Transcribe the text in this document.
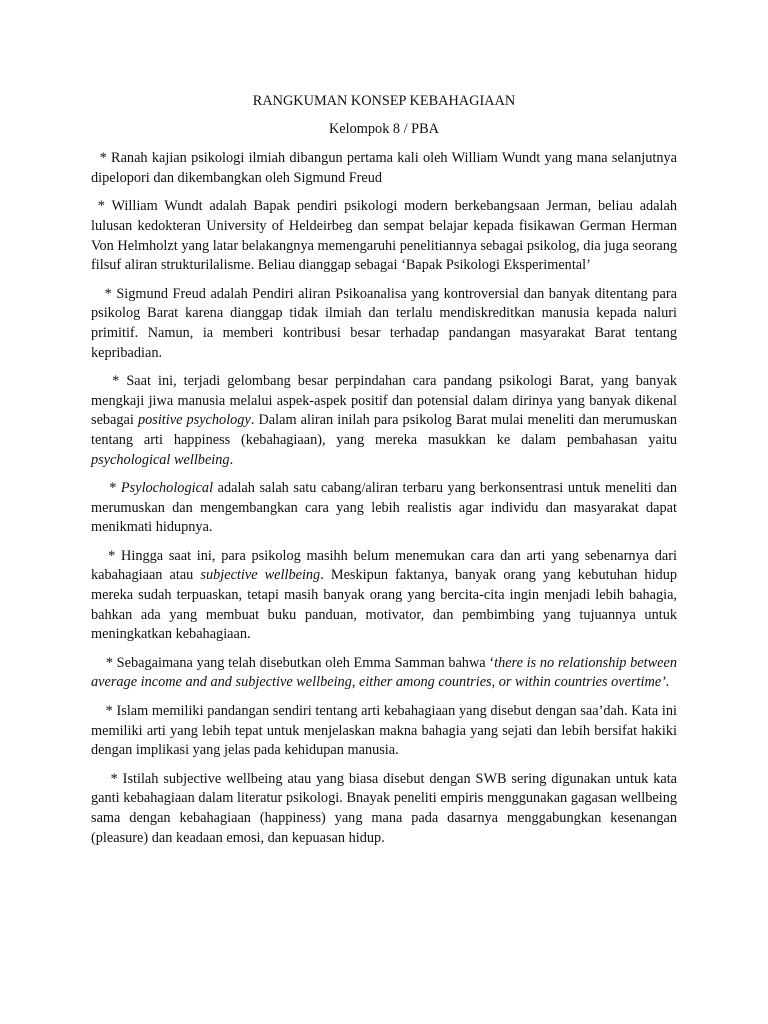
RANGKUMAN KONSEP KEBAHAGIAAN

Kelompok 8 / PBA

* Ranah kajian psikologi ilmiah dibangun pertama kali oleh William Wundt yang mana selanjutnya dipelopori dan dikembangkan oleh Sigmund Freud

* William Wundt adalah Bapak pendiri psikologi modern berkebangsaan Jerman, beliau adalah lulusan kedokteran University of Heldeirbeg dan sempat belajar kepada fisikawan German Herman Von Helmholzt yang latar belakangnya memengaruhi penelitiannya sebagai psikolog, dia juga seorang filsuf aliran strukturilalisme. Beliau dianggap sebagai ‘Bapak Psikologi Eksperimental’

* Sigmund Freud adalah Pendiri aliran Psikoanalisa yang kontroversial dan banyak ditentang para psikolog Barat karena dianggap tidak ilmiah dan terlalu mendiskreditkan manusia kepada naluri primitif. Namun, ia memberi kontribusi besar terhadap pandangan masyarakat Barat tentang kepribadian.

* Saat ini, terjadi gelombang besar perpindahan cara pandang psikologi Barat, yang banyak mengkaji jiwa manusia melalui aspek-aspek positif dan potensial dalam dirinya yang banyak dikenal sebagai positive psychology. Dalam aliran inilah para psikolog Barat mulai meneliti dan merumuskan tentang arti happiness (kebahagiaan), yang mereka masukkan ke dalam pembahasan yaitu psychological wellbeing.

* Psylochological adalah salah satu cabang/aliran terbaru yang berkonsentrasi untuk meneliti dan merumuskan dan mengembangkan cara yang lebih realistis agar individu dan masyarakat dapat menikmati hidupnya.

* Hingga saat ini, para psikolog masihh belum menemukan cara dan arti yang sebenarnya dari kabahagiaan atau subjective wellbeing. Meskipun faktanya, banyak orang yang kebutuhan hidup mereka sudah terpuaskan, tetapi masih banyak orang yang bercita-cita ingin menjadi lebih bahagia, bahkan ada yang membuat buku panduan, motivator, dan pembimbing yang tujuannya untuk meningkatkan kebahagiaan.

* Sebagaimana yang telah disebutkan oleh Emma Samman bahwa ‘there is no relationship between average income and and subjective wellbeing, either among countries, or within countries overtime’.

* Islam memiliki pandangan sendiri tentang arti kebahagiaan yang disebut dengan saa’dah. Kata ini memiliki arti yang lebih tepat untuk menjelaskan makna bahagia yang sejati dan lebih bersifat hakiki dengan implikasi yang jelas pada kehidupan manusia.

* Istilah subjective wellbeing atau yang biasa disebut dengan SWB sering digunakan untuk kata ganti kebahagiaan dalam literatur psikologi. Bnayak peneliti empiris menggunakan gagasan wellbeing sama dengan kebahagiaan (happiness) yang mana pada dasarnya menggabungkan kesenangan (pleasure) dan keadaan emosi, dan kepuasan hidup.
